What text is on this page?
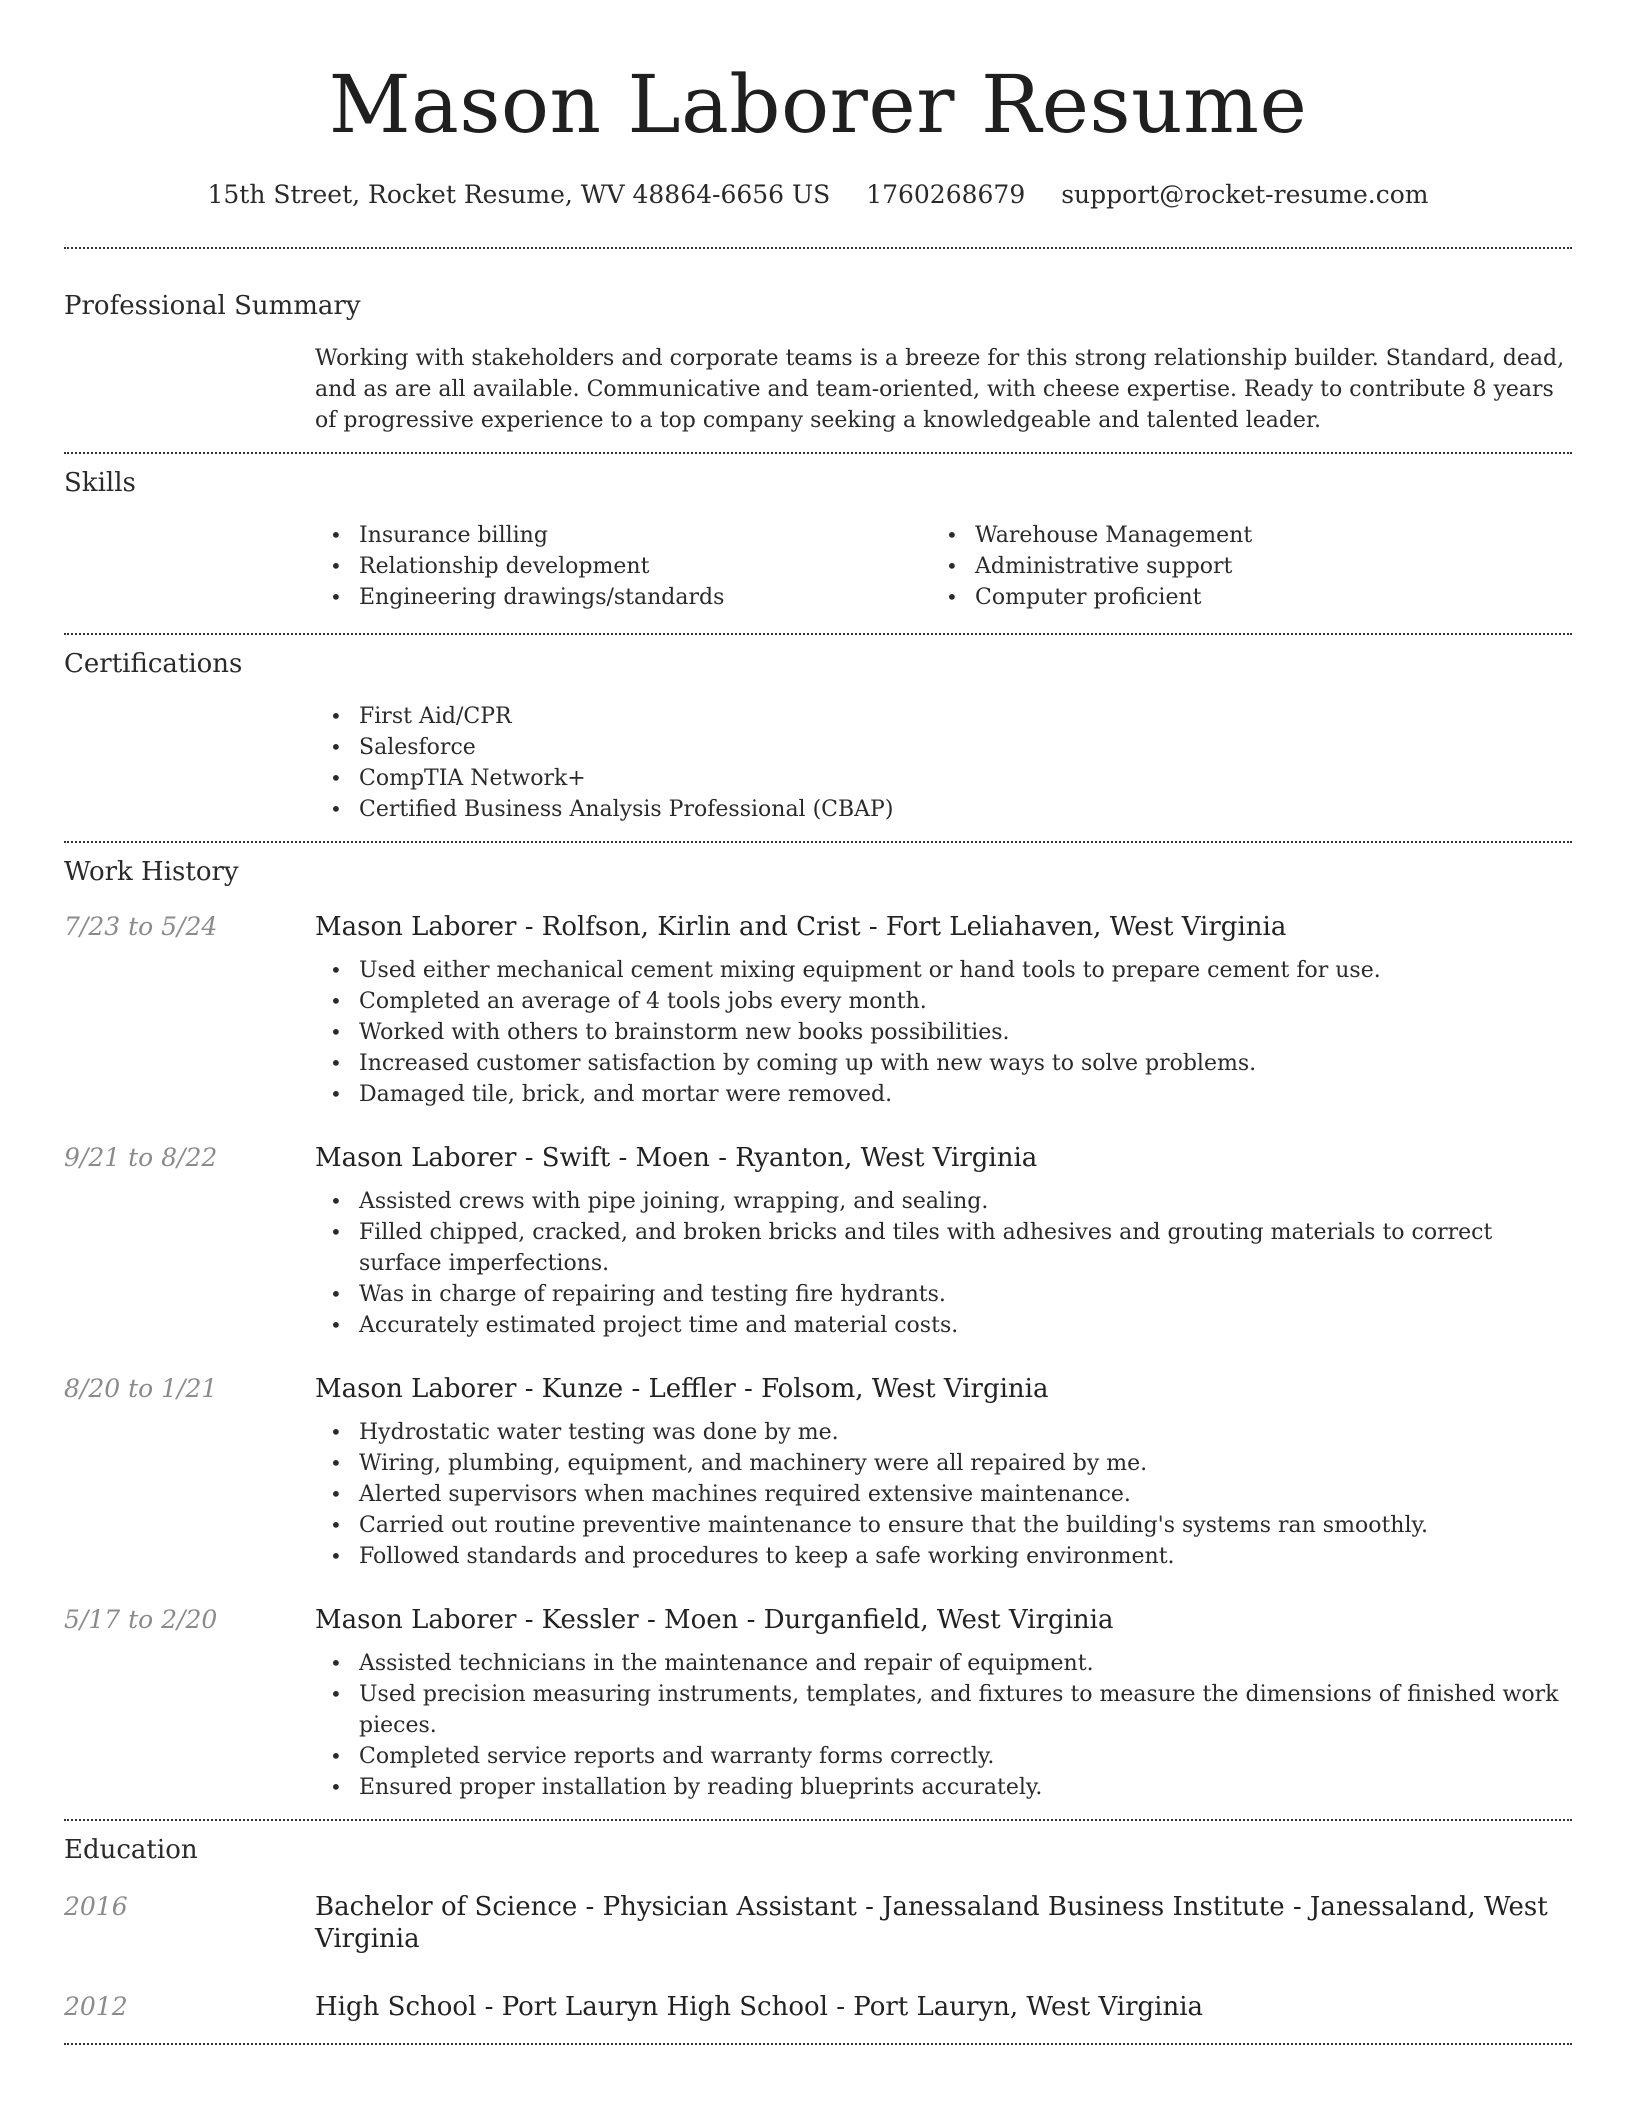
Mason Laborer Resume
15th Street, Rocket Resume, WV 48864-6656 US 1760268679 support@rocket-resume.com
Professional Summary
Working with stakeholders and corporate teams is a breeze for this strong relationship builder. Standard, dead, and as are all available. Communicative and team-oriented, with cheese expertise. Ready to contribute 8 years of progressive experience to a top company seeking a knowledgeable and talented leader.
Skills
• Insurance billing
• Relationship development
• Engineering drawings/standards
• Warehouse Management
• Administrative support
• Computer proficient
Certifications
• First Aid/CPR
• Salesforce
• CompTIA Network+
• Certified Business Analysis Professional (CBAP)
Work History
7/23 to 5/24	Mason Laborer - Rolfson, Kirlin and Crist - Fort Leliahaven, West Virginia
• Used either mechanical cement mixing equipment or hand tools to prepare cement for use.
• Completed an average of 4 tools jobs every month.
• Worked with others to brainstorm new books possibilities.
• Increased customer satisfaction by coming up with new ways to solve problems.
• Damaged tile, brick, and mortar were removed.
9/21 to 8/22	Mason Laborer - Swift - Moen - Ryanton, West Virginia
• Assisted crews with pipe joining, wrapping, and sealing.
• Filled chipped, cracked, and broken bricks and tiles with adhesives and grouting materials to correct surface imperfections.
• Was in charge of repairing and testing fire hydrants.
• Accurately estimated project time and material costs.
8/20 to 1/21	Mason Laborer - Kunze - Leffler - Folsom, West Virginia
• Hydrostatic water testing was done by me.
• Wiring, plumbing, equipment, and machinery were all repaired by me.
• Alerted supervisors when machines required extensive maintenance.
• Carried out routine preventive maintenance to ensure that the building's systems ran smoothly.
• Followed standards and procedures to keep a safe working environment.
5/17 to 2/20	Mason Laborer - Kessler - Moen - Durganfield, West Virginia
• Assisted technicians in the maintenance and repair of equipment.
• Used precision measuring instruments, templates, and fixtures to measure the dimensions of finished work pieces.
• Completed service reports and warranty forms correctly.
• Ensured proper installation by reading blueprints accurately.
Education
2016	Bachelor of Science - Physician Assistant - Janessaland Business Institute - Janessaland, West Virginia
2012	High School - Port Lauryn High School - Port Lauryn, West Virginia
